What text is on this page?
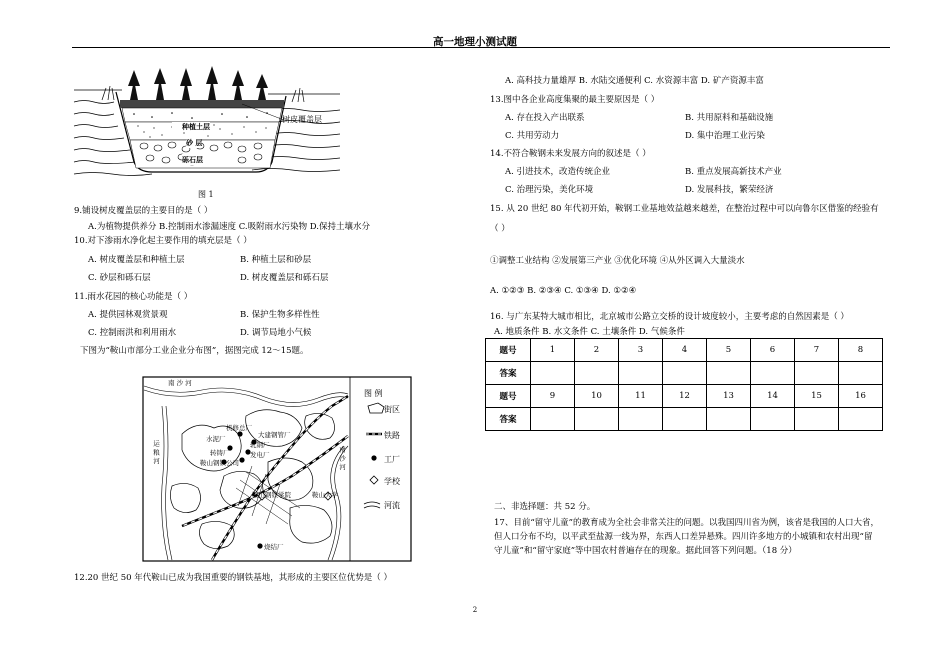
高一地理小测试题
树皮覆盖层
种植土层
砂 层
砾石层
图 1
9.铺设树皮覆盖层的主要目的是（ ）
A.为植物提供养分 B.控制雨水渗漏速度 C.吸附雨水污染物 D.保持土壤水分
10.对下渗雨水净化起主要作用的填充层是（ ）
A. 树皮覆盖层和种植土层	B. 种植土层和砂层
C. 砂层和砾石层	D. 树皮覆盖层和砾石层
11.雨水花园的核心功能是（ ）
A. 提供园林观赏景观	B. 保护生物多样性性
C. 控制雨洪和利用雨水	D. 调节局地小气候
下图为“鞍山市部分工业企业分布图”，据图完成 12～15题。
图 例
街区
铁路
工厂
学校
河流
南 沙 河
运 粮 河	南 沙 河
机修总厂
大建钢管厂
水泥厂
轧钢厂
转铸厂	发电厂
鞍山钢铁公司
鞍山钢铁学院	鞍山大学
烧结厂
12.20 世纪 50 年代鞍山已成为我国重要的钢铁基地，其形成的主要区位优势是（ ）
A. 高科技力量雄厚 B. 水陆交通便利 C. 水资源丰富 D. 矿产资源丰富
13.图中各企业高度集聚的最主要原因是（ ）
A. 存在投入产出联系	B. 共用原料和基础设施
C. 共用劳动力	D. 集中治理工业污染
14.不符合鞍钢未来发展方向的叙述是（ ）
A. 引进技术，改造传统企业	B. 重点发展高新技术产业
C. 治理污染，美化环境	D. 发展科技，繁荣经济
15. 从 20 世纪 80 年代初开始，鞍钢工业基地效益越来越差，在整治过程中可以向鲁尔区借鉴的经验有
（ ）
①调整工业结构 ②发展第三产业 ③优化环境 ④从外区调入大量淡水
A. ①②③ B. ②③④ C. ①③④ D. ①②④
16. 与广东某特大城市相比，北京城市公路立交桥的设计坡度较小，主要考虑的自然因素是（ ）
A. 地质条件 B. 水文条件 C. 土壤条件 D. 气候条件
题号	1	2	3	4	5	6	7	8
答案								
题号	9	10	11	12	13	14	15	16
答案								
二、非选择题：共 52 分。
17、目前“留守儿童”的教育成为全社会非常关注的问题。以我国四川省为例，该省是我国的人口大省，
但人口分布不均，以平武至盐源一线为界，东西人口差异悬殊。四川许多地方的小城镇和农村出现“留
守儿童”和“留守家庭”等中国农村普遍存在的现象。据此回答下列问题。（18 分）
2
